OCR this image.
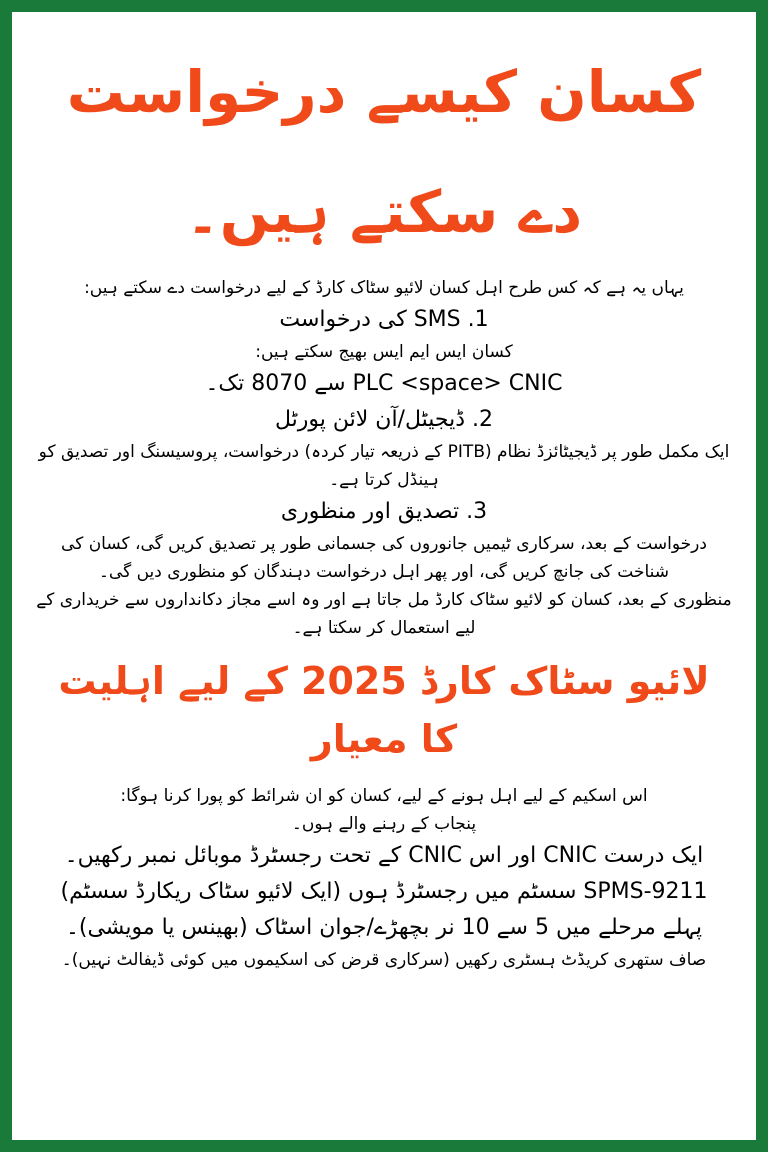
کسان کیسے درخواست دے سکتے ہیں۔

یہاں یہ ہے کہ کس طرح اہل کسان لائیو سٹاک کارڈ کے لیے درخواست دے سکتے ہیں:

SMS .1 کی درخواست

کسان ایس ایم ایس بھیج سکتے ہیں:

PLC <space> CNIC سے 8070 تک۔

2. ڈیجیٹل/آن لائن پورٹل

ایک مکمل طور پر ڈیجیٹائزڈ نظام (PITB کے ذریعہ تیار کردہ) درخواست، پروسیسنگ اور تصدیق کو ہینڈل کرتا ہے۔

3. تصدیق اور منظوری

درخواست کے بعد، سرکاری ٹیمیں جانوروں کی جسمانی طور پر تصدیق کریں گی، کسان کی شناخت کی جانچ کریں گی، اور پھر اہل درخواست دہندگان کو منظوری دیں گی۔

منظوری کے بعد، کسان کو لائیو سٹاک کارڈ مل جاتا ہے اور وہ اسے مجاز دکانداروں سے خریداری کے لیے استعمال کر سکتا ہے۔

لائیو سٹاک کارڈ 2025 کے لیے اہلیت کا معیار

اس اسکیم کے لیے اہل ہونے کے لیے، کسان کو ان شرائط کو پورا کرنا ہوگا:

پنجاب کے رہنے والے ہوں۔

ایک درست CNIC اور اس CNIC کے تحت رجسٹرڈ موبائل نمبر رکھیں۔

SPMS-9211 سسٹم میں رجسٹرڈ ہوں (ایک لائیو سٹاک ریکارڈ سسٹم)

پہلے مرحلے میں 5 سے 10 نر بچھڑے/جوان اسٹاک (بھینس یا مویشی)۔

صاف ستھری کریڈٹ ہسٹری رکھیں (سرکاری قرض کی اسکیموں میں کوئی ڈیفالٹ نہیں)۔
